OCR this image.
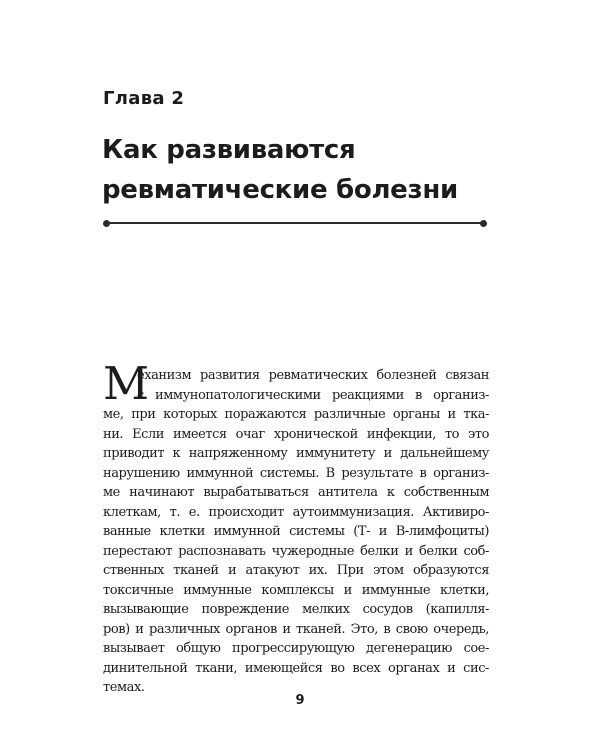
Глава 2
Как развиваются
ревматические болезни
М
еханизм развития ревматических болезней связан
с иммунопатологическими реакциями в организ-
ме, при которых поражаются различные органы и тка-
ни. Если имеется очаг хронической инфекции, то это
приводит к напряженному иммунитету и дальнейшему
нарушению иммунной системы. В результате в организ-
ме начинают вырабатываться антитела к собственным
клеткам, т. е. происходит аутоиммунизация. Активиро-
ванные клетки иммунной системы (Т- и В-лимфоциты)
перестают распознавать чужеродные белки и белки соб-
ственных тканей и атакуют их. При этом образуются
токсичные иммунные комплексы и иммунные клетки,
вызывающие повреждение мелких сосудов (капилля-
ров) и различных органов и тканей. Это, в свою очередь,
вызывает общую прогрессирующую дегенерацию соe-
динительной ткани, имеющейся во всех органах и сис-
темах.
9
